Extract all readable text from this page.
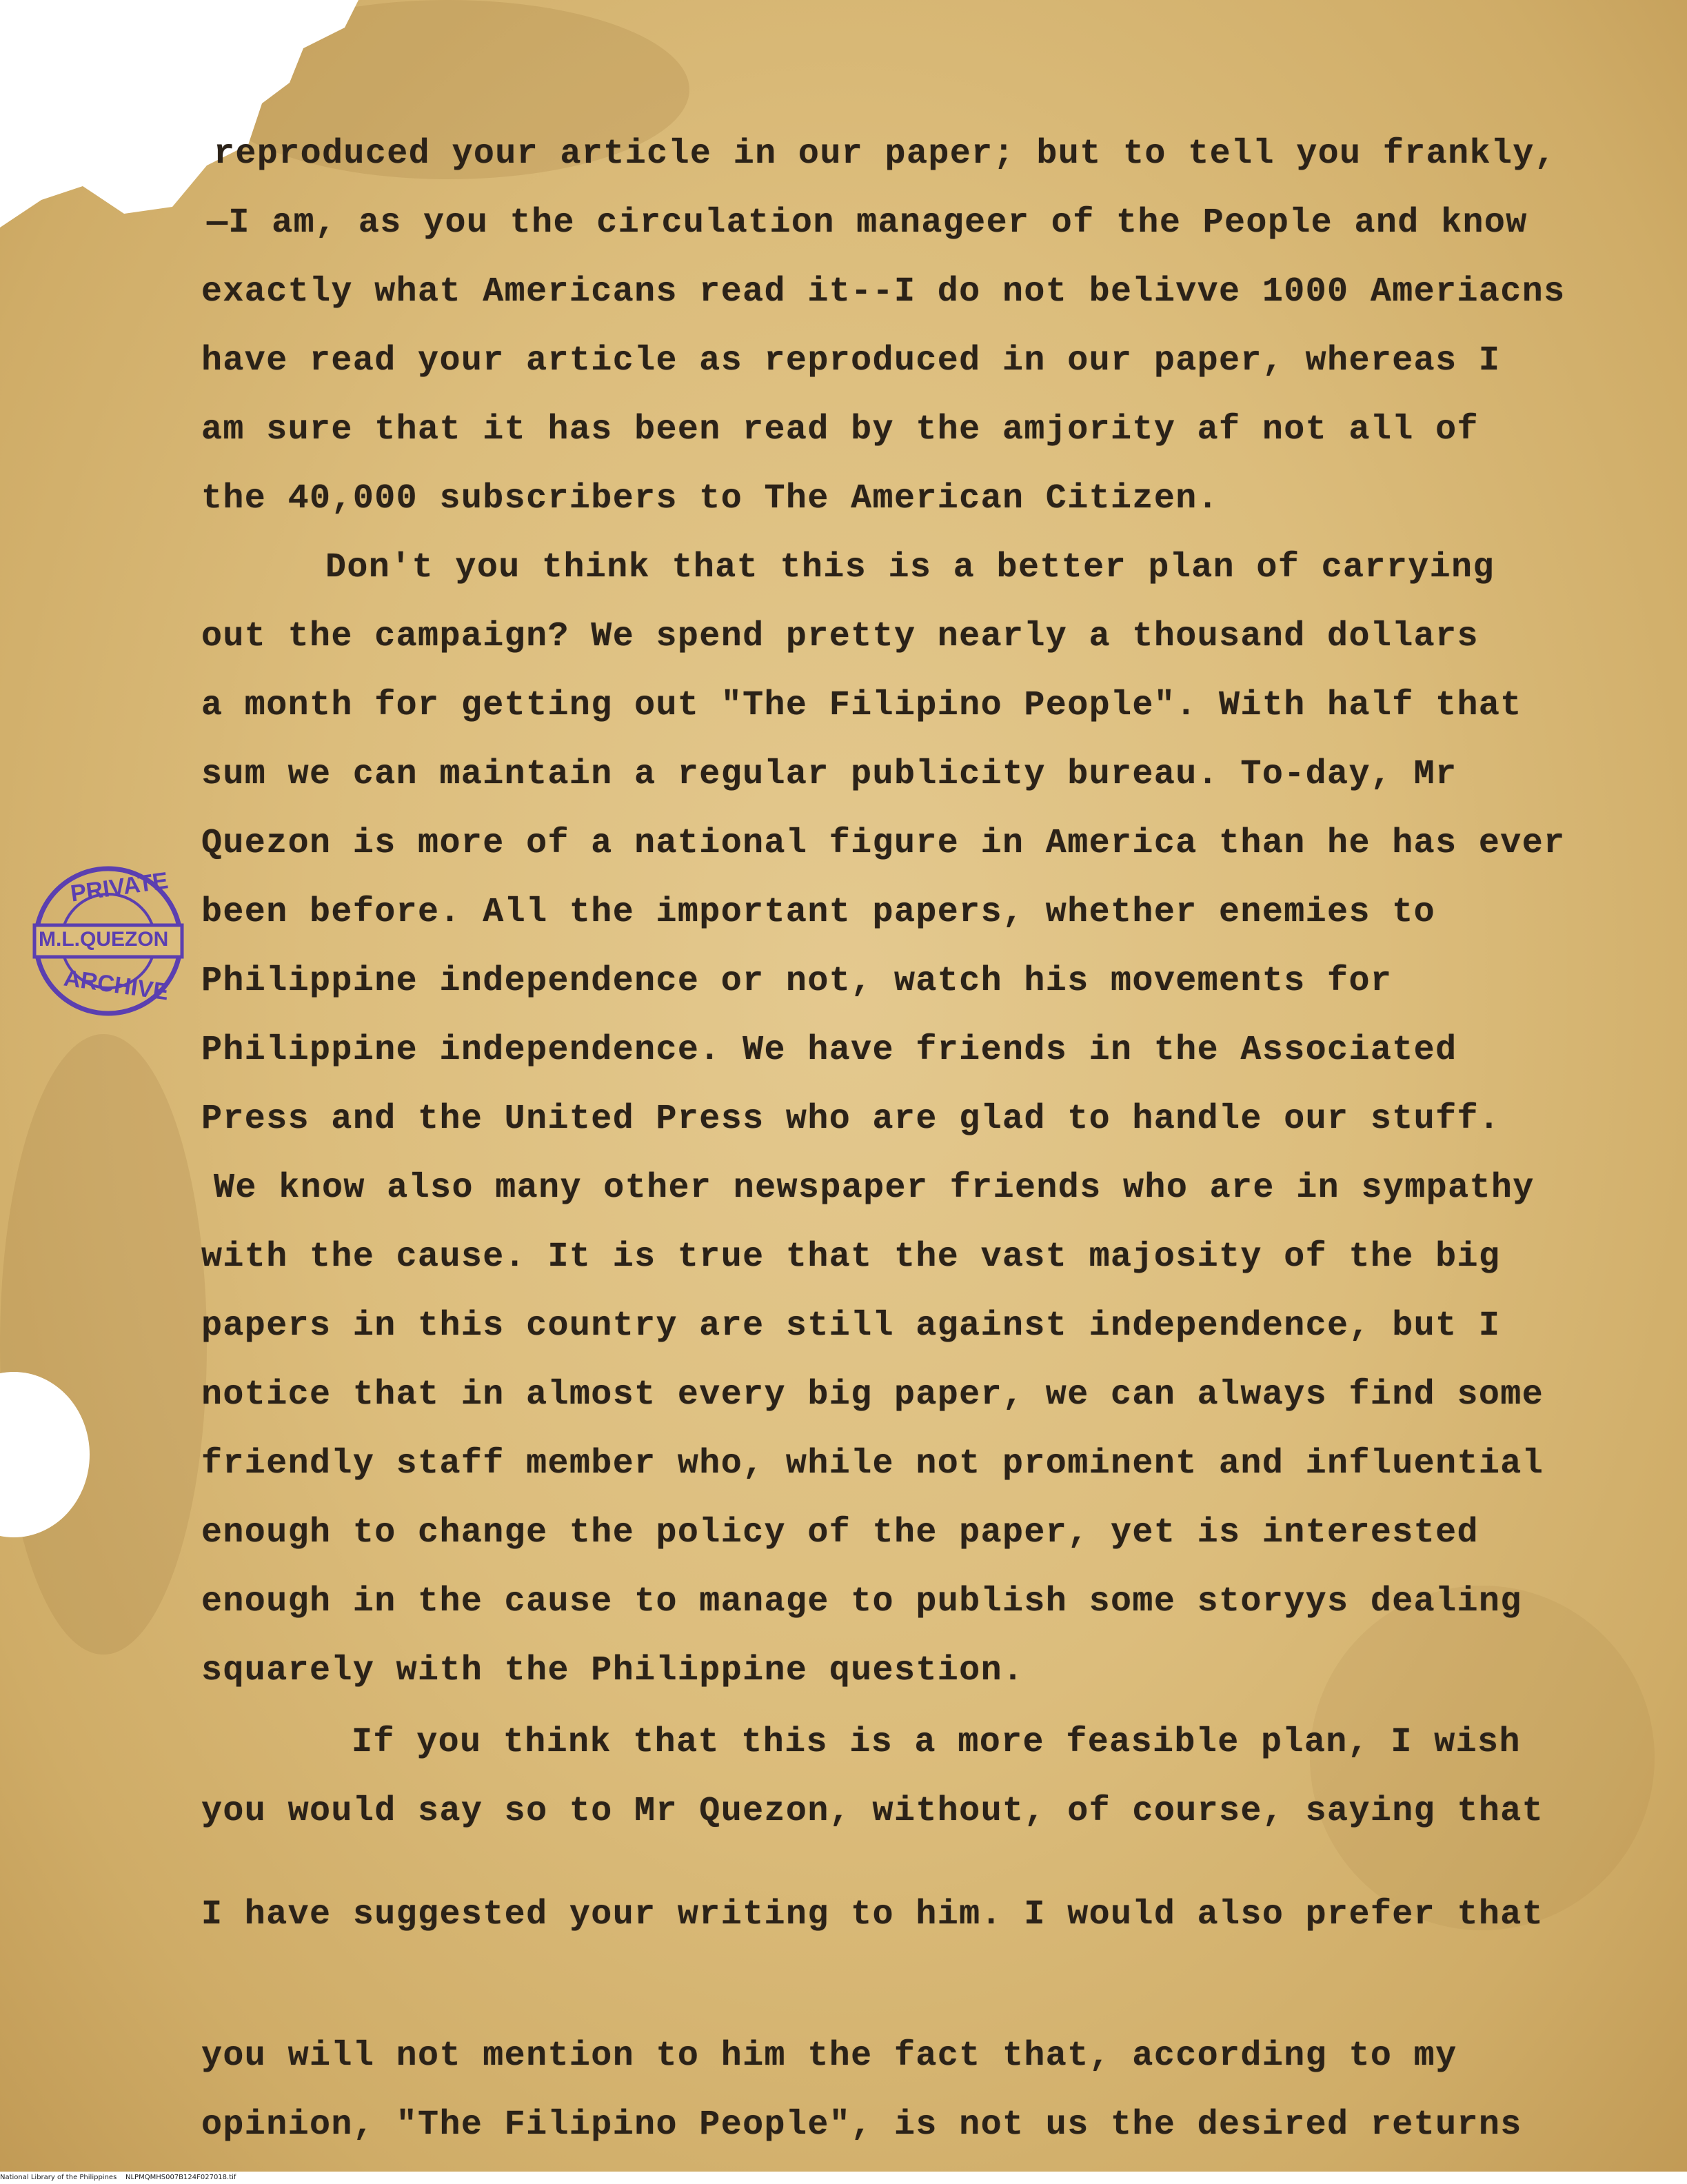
PRIVATE
M.L.QUEZON
ARCHIVE
reproduced your article in our paper; but to tell you frankly,
—I am, as you the circulation manageer of the People and know
exactly what Americans read it--I do not belivve 1000 Ameriacns
have read your article as reproduced in our paper, whereas I
am sure that it has been read by the amjority af not all of
the 40,000 subscribers to The American Citizen.
Don't you think that this is a better plan of carrying
out the campaign? We spend pretty nearly a thousand dollars
a month for getting out "The Filipino People". With half that
sum we can maintain a regular publicity bureau. To-day, Mr
Quezon is more of a national figure in America than he has ever
been before. All the important papers, whether enemies to
Philippine independence or not, watch his movements for
Philippine independence. We have friends in the Associated
Press and the United Press who are glad to handle our stuff.
We know also many other newspaper friends who are in sympathy
with the cause. It is true that the vast majosity of the big
papers in this country are still against independence, but I
notice that in almost every big paper, we can always find some
friendly staff member who, while not prominent and influential
enough to change the policy of the paper, yet is interested
enough in the cause to manage to publish some storyys dealing
squarely with the Philippine question.
If you think that this is a more feasible plan, I wish
you would say so to Mr Quezon, without, of course, saying that
I have suggested your writing to him. I would also prefer that
you will not mention to him the fact that, according to my
opinion, "The Filipino People", is not us the desired returns
National Library of the Philippines NLPMQMHS007B124F027018.tif
